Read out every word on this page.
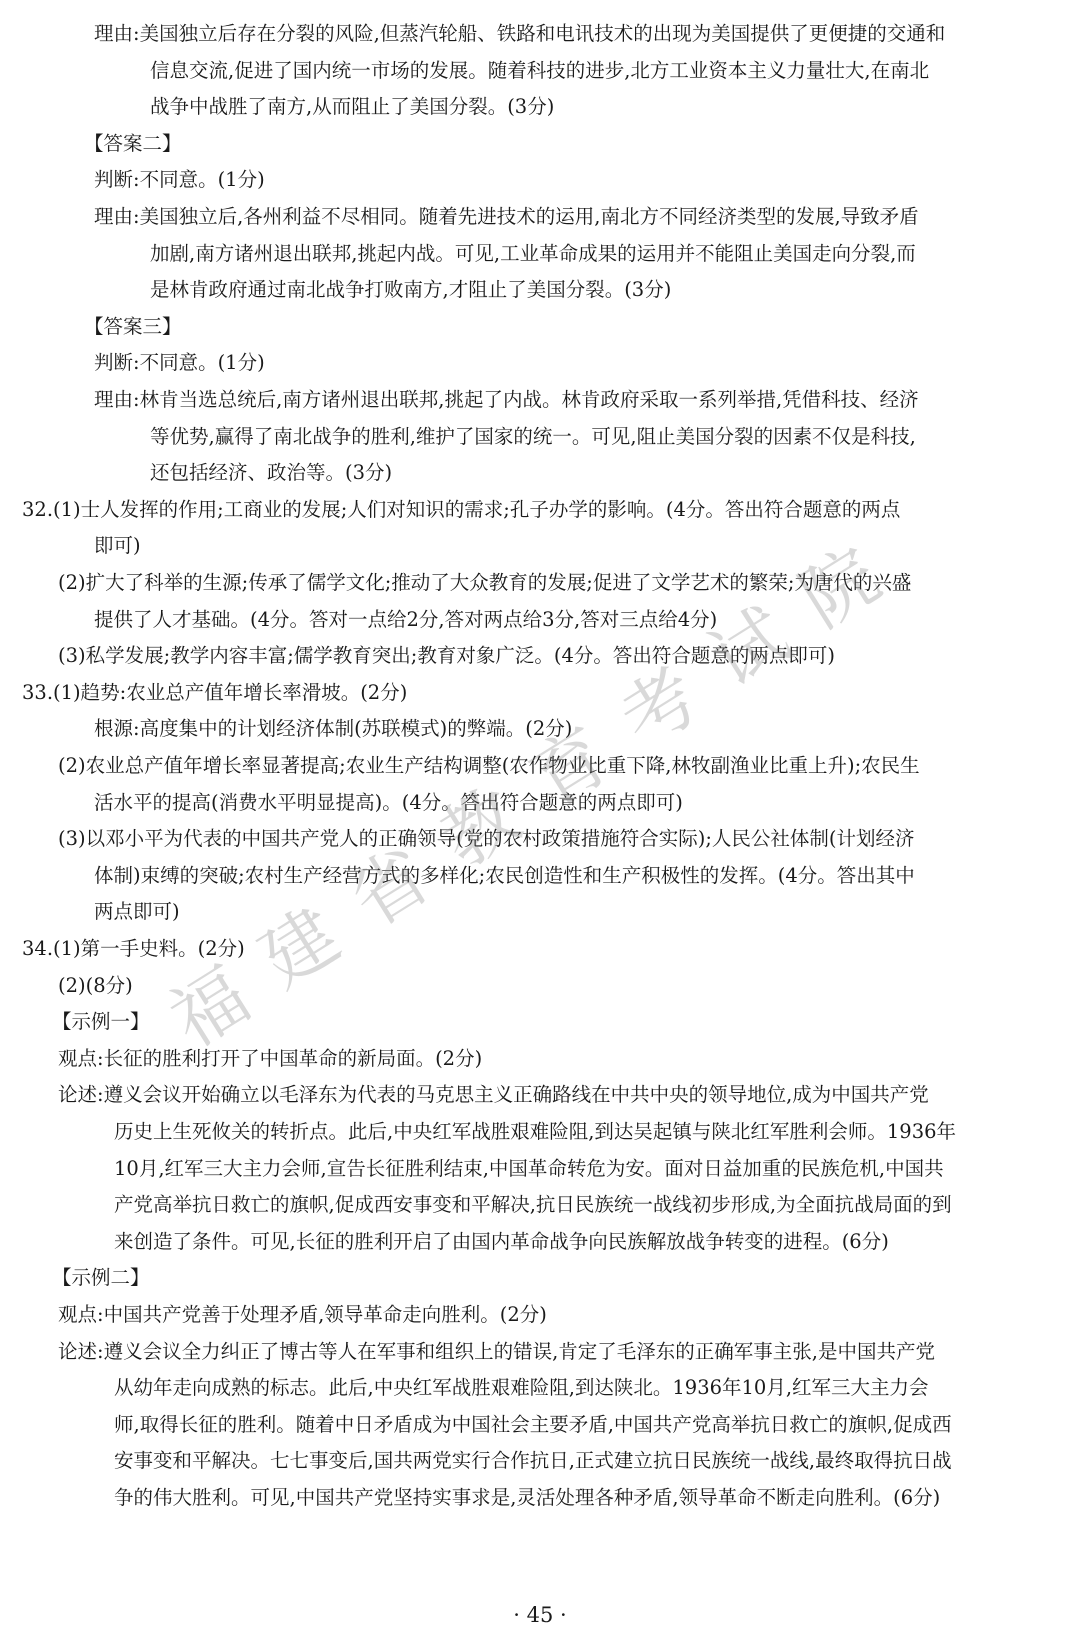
理由:美国独立后存在分裂的风险,但蒸汽轮船、铁路和电讯技术的出现为美国提供了更便捷的交通和
信息交流,促进了国内统一市场的发展。随着科技的进步,北方工业资本主义力量壮大,在南北
战争中战胜了南方,从而阻止了美国分裂。(3分)
【答案二】
判断:不同意。(1分)
理由:美国独立后,各州利益不尽相同。随着先进技术的运用,南北方不同经济类型的发展,导致矛盾
加剧,南方诸州退出联邦,挑起内战。可见,工业革命成果的运用并不能阻止美国走向分裂,而
是林肯政府通过南北战争打败南方,才阻止了美国分裂。(3分)
【答案三】
判断:不同意。(1分)
理由:林肯当选总统后,南方诸州退出联邦,挑起了内战。林肯政府采取一系列举措,凭借科技、经济
等优势,赢得了南北战争的胜利,维护了国家的统一。可见,阻止美国分裂的因素不仅是科技,
还包括经济、政治等。(3分)
32.(1)士人发挥的作用;工商业的发展;人们对知识的需求;孔子办学的影响。(4分。答出符合题意的两点
即可)
(2)扩大了科举的生源;传承了儒学文化;推动了大众教育的发展;促进了文学艺术的繁荣;为唐代的兴盛
提供了人才基础。(4分。答对一点给2分,答对两点给3分,答对三点给4分)
(3)私学发展;教学内容丰富;儒学教育突出;教育对象广泛。(4分。答出符合题意的两点即可)
33.(1)趋势:农业总产值年增长率滑坡。(2分)
根源:高度集中的计划经济体制(苏联模式)的弊端。(2分)
(2)农业总产值年增长率显著提高;农业生产结构调整(农作物业比重下降,林牧副渔业比重上升);农民生
活水平的提高(消费水平明显提高)。(4分。答出符合题意的两点即可)
(3)以邓小平为代表的中国共产党人的正确领导(党的农村政策措施符合实际);人民公社体制(计划经济
体制)束缚的突破;农村生产经营方式的多样化;农民创造性和生产积极性的发挥。(4分。答出其中
两点即可)
34.(1)第一手史料。(2分)
(2)(8分)
【示例一】
观点:长征的胜利打开了中国革命的新局面。(2分)
论述:遵义会议开始确立以毛泽东为代表的马克思主义正确路线在中共中央的领导地位,成为中国共产党
历史上生死攸关的转折点。此后,中央红军战胜艰难险阻,到达吴起镇与陕北红军胜利会师。1936年
10月,红军三大主力会师,宣告长征胜利结束,中国革命转危为安。面对日益加重的民族危机,中国共
产党高举抗日救亡的旗帜,促成西安事变和平解决,抗日民族统一战线初步形成,为全面抗战局面的到
来创造了条件。可见,长征的胜利开启了由国内革命战争向民族解放战争转变的进程。(6分)
【示例二】
观点:中国共产党善于处理矛盾,领导革命走向胜利。(2分)
论述:遵义会议全力纠正了博古等人在军事和组织上的错误,肯定了毛泽东的正确军事主张,是中国共产党
从幼年走向成熟的标志。此后,中央红军战胜艰难险阻,到达陕北。1936年10月,红军三大主力会
师,取得长征的胜利。随着中日矛盾成为中国社会主要矛盾,中国共产党高举抗日救亡的旗帜,促成西
安事变和平解决。七七事变后,国共两党实行合作抗日,正式建立抗日民族统一战线,最终取得抗日战
争的伟大胜利。可见,中国共产党坚持实事求是,灵活处理各种矛盾,领导革命不断走向胜利。(6分)
福
建
省
教
育
考
试
院
· 45 ·
